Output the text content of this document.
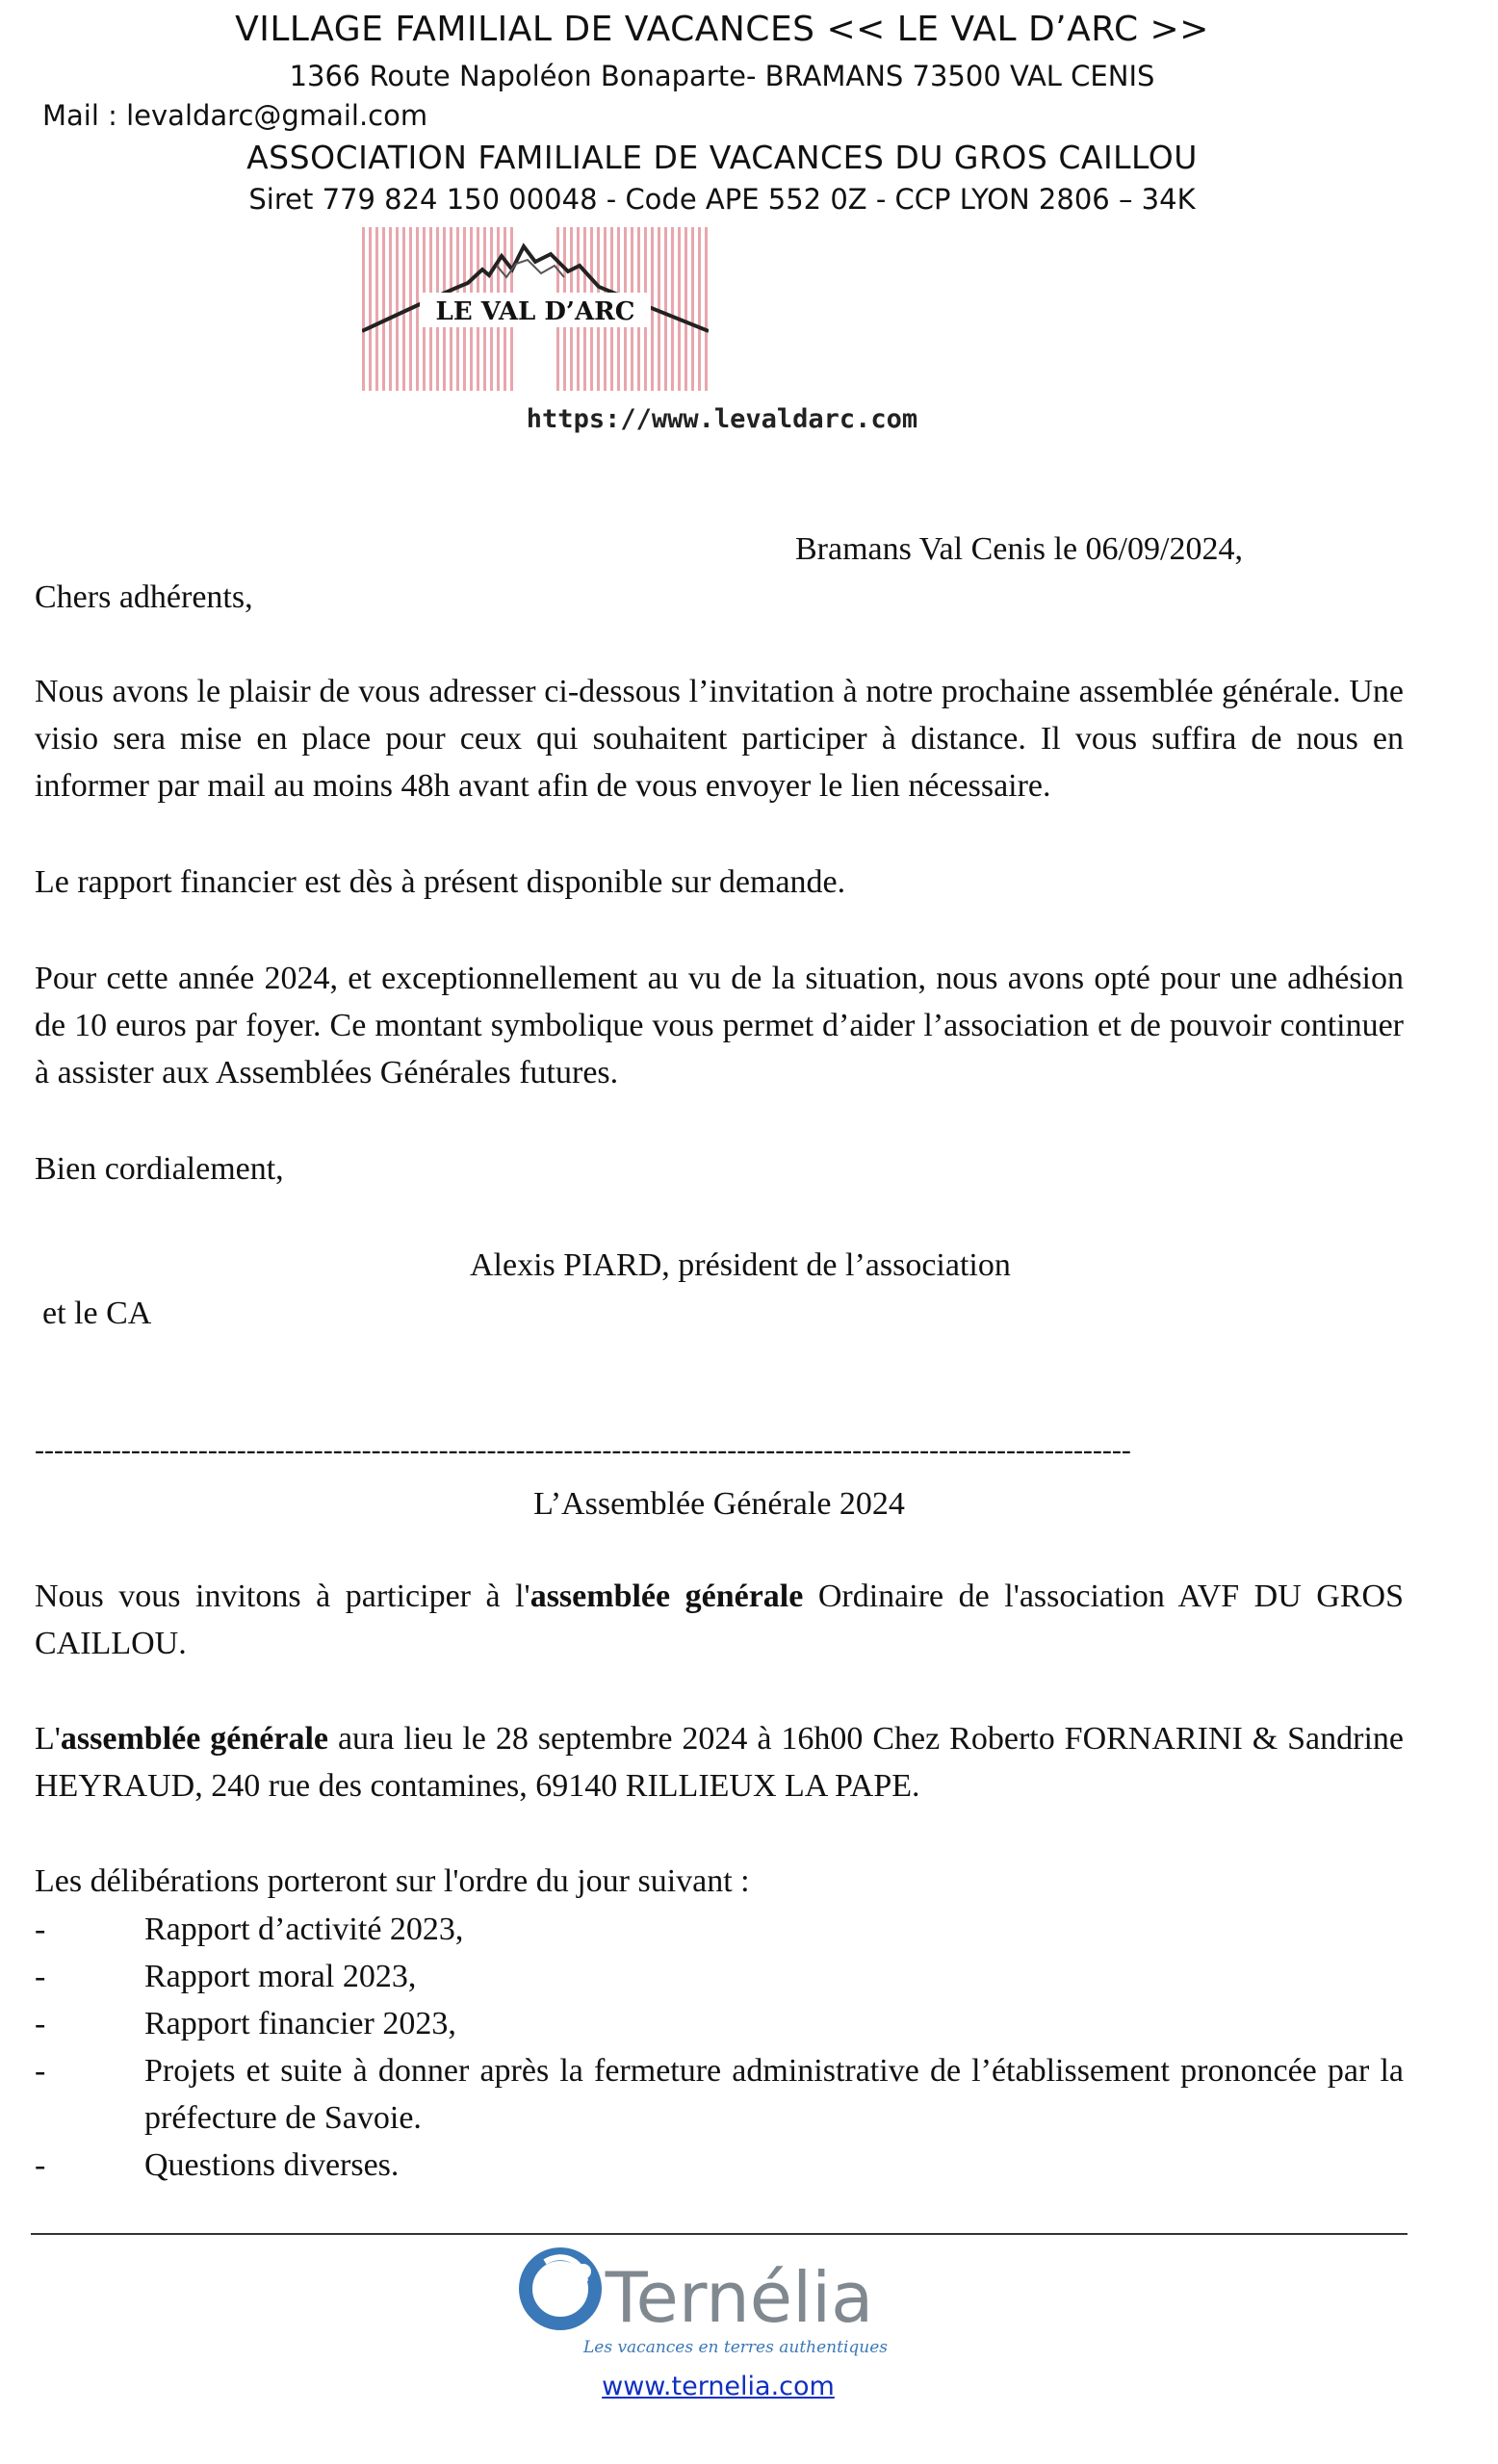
VILLAGE FAMILIAL DE VACANCES << LE VAL D’ARC >>
1366 Route Napoléon Bonaparte- BRAMANS 73500 VAL CENIS
Mail : levaldarc@gmail.com
ASSOCIATION FAMILIALE DE VACANCES DU GROS CAILLOU
Siret 779 824 150 00048 - Code APE 552 0Z - CCP LYON 2806 – 34K
LE VAL D’ARC
https://www.levaldarc.com
Bramans Val Cenis le 06/09/2024,
Chers adhérents,
Nous avons le plaisir de vous adresser ci-dessous l’invitation à notre prochaine assemblée générale. Une visio sera mise en place pour ceux qui souhaitent participer à distance. Il vous suffira de nous en informer par mail au moins 48h avant afin de vous envoyer le lien nécessaire.
Le rapport financier est dès à présent disponible sur demande.
Pour cette année 2024, et exceptionnellement au vu de la situation, nous avons opté pour une adhésion de 10 euros par foyer. Ce montant symbolique vous permet d’aider l’association et de pouvoir continuer à assister aux Assemblées Générales futures.
Bien cordialement,
Alexis PIARD, président de l’association
et le CA
------------------------------------------------------------------------------------------------------------------
L’Assemblée Générale 2024
Nous vous invitons à participer à l'assemblée générale Ordinaire de l'association AVF DU GROS CAILLOU.
L'assemblée générale aura lieu le 28 septembre 2024 à 16h00 Chez Roberto FORNARINI & Sandrine HEYRAUD, 240 rue des contamines, 69140 RILLIEUX LA PAPE.
Les délibérations porteront sur l'ordre du jour suivant :
-	Rapport d’activité 2023,
-	Rapport moral 2023,
-	Rapport financier 2023,
-	Projets et suite à donner après la fermeture administrative de l’établissement prononcée par la préfecture de Savoie.
-	Questions diverses.
Ternélia
Les vacances en terres authentiques
www.ternelia.com
